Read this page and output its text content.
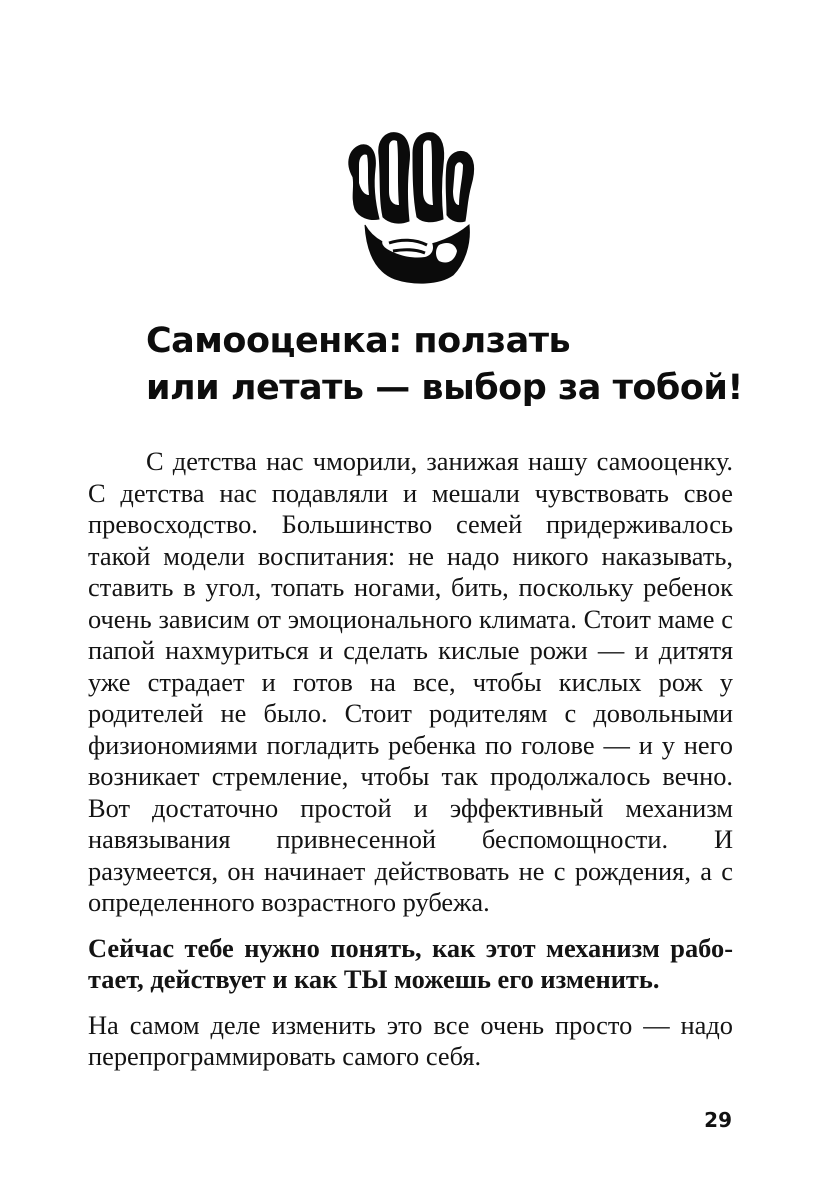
Самооценка: ползать
или летать — выбор за тобой!

С детства нас чморили, занижая нашу самооценку. С детства нас подавляли и мешали чувствовать свое превосходство. Большинство семей придерживалось такой модели воспитания: не надо никого наказывать, ставить в угол, топать ногами, бить, поскольку ребенок очень зависим от эмоционального климата. Стоит маме с папой нахмуриться и сделать кислые рожи — и дитятя уже страдает и готов на все, чтобы кислых рож у родителей не было. Стоит родителям с довольными физиономиями погладить ребенка по голове — и у него возникает стремление, чтобы так продолжалось вечно. Вот достаточно простой и эффективный механизм навязывания привнесенной беспомощности. И разумеется, он начинает действовать не с рождения, а с определенного возрастного рубежа.

Сейчас тебе нужно понять, как этот механизм работает, действует и как ТЫ можешь его изменить.

На самом деле изменить это все очень просто — надо перепрограммировать самого себя.

29
